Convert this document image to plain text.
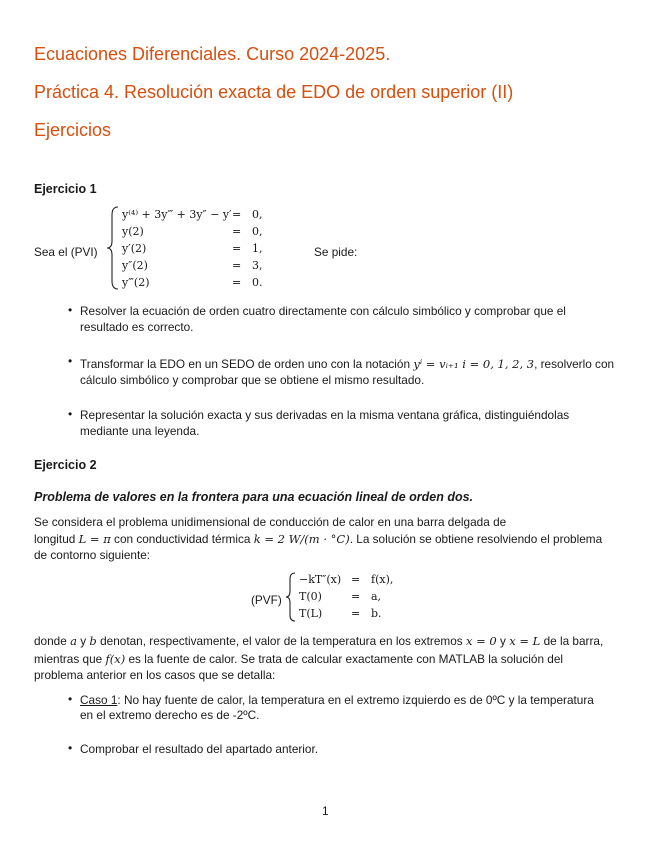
Ecuaciones Diferenciales. Curso 2024-2025.
Práctica 4. Resolución exacta de EDO de orden superior (II)
Ejercicios
Ejercicio 1
Sea el (PVI)
y⁽⁴⁾ + 3y‴ + 3y″ − y′ = 0,
y(2)	= 0,
y′(2)	= 1,
y″(2)	= 3,
y‴(2)	= 0.
Se pide:
• Resolver la ecuación de orden cuatro directamente con cálculo simbólico y comprobar que el resultado es correcto.
• Transformar la EDO en un SEDO de orden uno con la notación yⁱ = vᵢ₊₁ i = 0, 1, 2, 3, resolverlo con cálculo simbólico y comprobar que se obtiene el mismo resultado.
• Representar la solución exacta y sus derivadas en la misma ventana gráfica, distinguiéndolas mediante una leyenda.
Ejercicio 2
Problema de valores en la frontera para una ecuación lineal de orden dos.
Se considera el problema unidimensional de conducción de calor en una barra delgada de
longitud L = π con conductividad térmica k = 2 W/(m · °C). La solución se obtiene resolviendo el problema
de contorno siguiente:
(PVF)
−kT″(x) = f(x),
T(0)	= a,
T(L)	= b.
donde a y b denotan, respectivamente, el valor de la temperatura en los extremos x = 0 y x = L de la barra,
mientras que f(x) es la fuente de calor. Se trata de calcular exactamente con MATLAB la solución del
problema anterior en los casos que se detalla:
• Caso 1: No hay fuente de calor, la temperatura en el extremo izquierdo es de 0ºC y la temperatura
en el extremo derecho es de -2ºC.
• Comprobar el resultado del apartado anterior.
1
